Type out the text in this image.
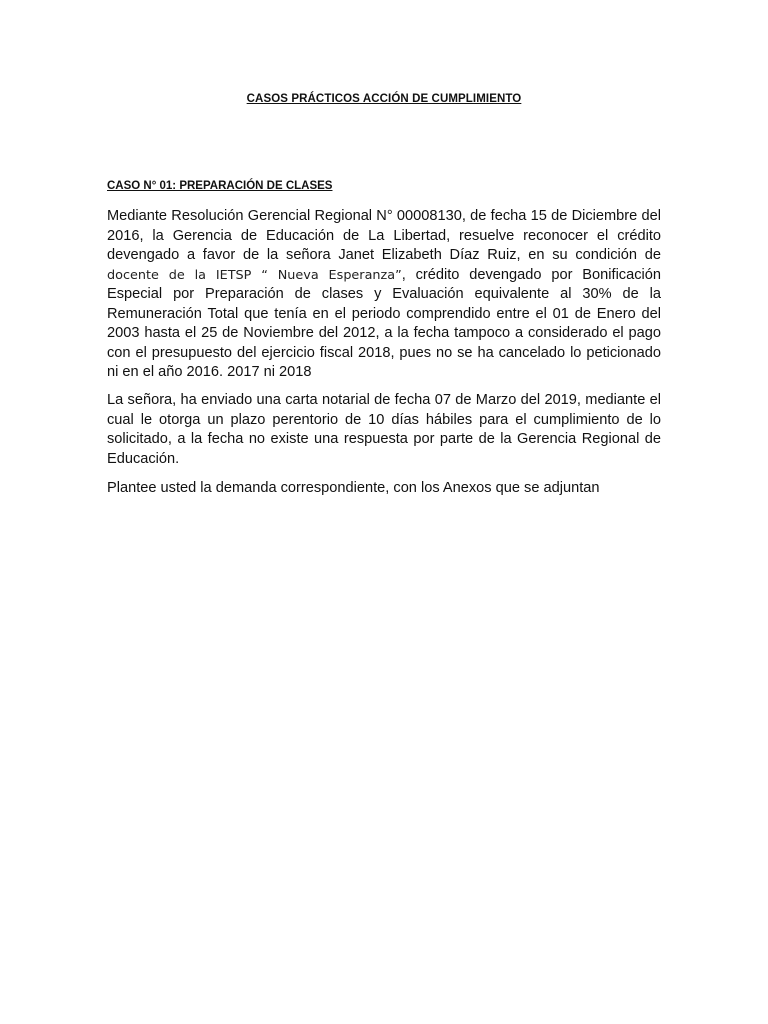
CASOS PRÁCTICOS ACCIÓN DE CUMPLIMIENTO
CASO N° 01: PREPARACIÓN DE CLASES

Mediante Resolución Gerencial Regional N° 00008130, de fecha 15 de Diciembre del 2016, la Gerencia de Educación de La Libertad, resuelve reconocer el crédito devengado a favor de la señora Janet Elizabeth Díaz Ruiz, en su condición de docente de la IETSP “ Nueva Esperanza”, crédito devengado por Bonificación Especial por Preparación de clases y Evaluación equivalente al 30% de la Remuneración Total que tenía en el periodo comprendido entre el 01 de Enero del 2003 hasta el 25 de Noviembre del 2012, a la fecha tampoco a considerado el pago con el presupuesto del ejercicio fiscal 2018, pues no se ha cancelado lo peticionado ni en el año 2016. 2017 ni 2018

La señora, ha enviado una carta notarial de fecha 07 de Marzo del 2019, mediante el cual le otorga un plazo perentorio de 10 días hábiles para el cumplimiento de lo solicitado, a la fecha no existe una respuesta por parte de la Gerencia Regional de Educación.

Plantee usted la demanda correspondiente, con los Anexos que se adjuntan
